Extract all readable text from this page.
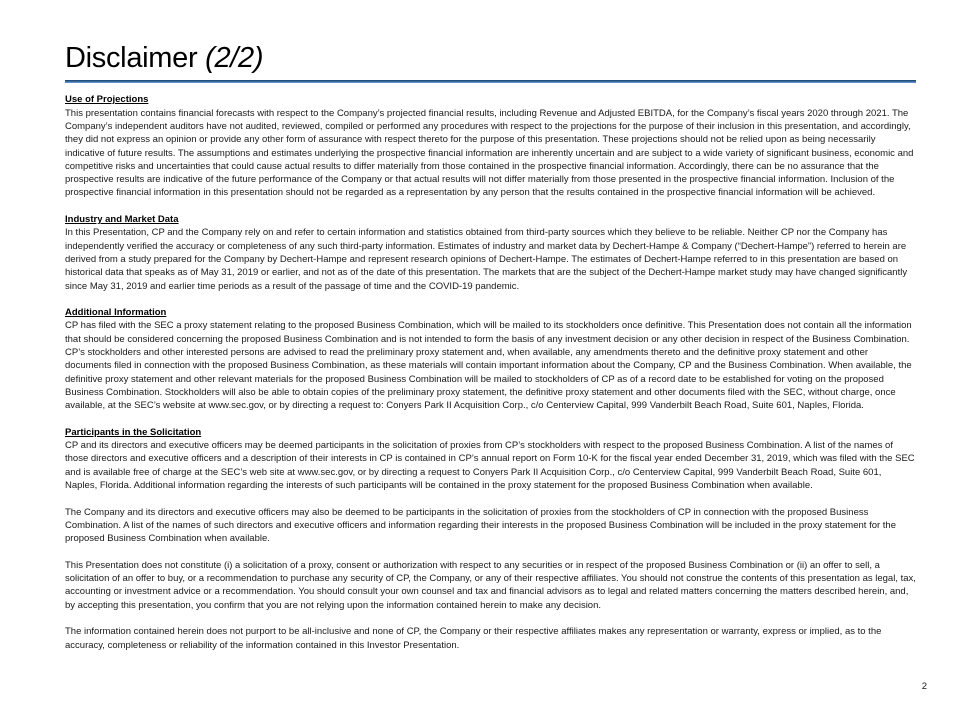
Disclaimer (2/2)
Use of Projections

This presentation contains financial forecasts with respect to the Company’s projected financial results, including Revenue and Adjusted EBITDA, for the Company’s fiscal years 2020 through 2021. The Company’s independent auditors have not audited, reviewed, compiled or performed any procedures with respect to the projections for the purpose of their inclusion in this presentation, and accordingly, they did not express an opinion or provide any other form of assurance with respect thereto for the purpose of this presentation. These projections should not be relied upon as being necessarily indicative of future results. The assumptions and estimates underlying the prospective financial information are inherently uncertain and are subject to a wide variety of significant business, economic and competitive risks and uncertainties that could cause actual results to differ materially from those contained in the prospective financial information. Accordingly, there can be no assurance that the prospective results are indicative of the future performance of the Company or that actual results will not differ materially from those presented in the prospective financial information. Inclusion of the prospective financial information in this presentation should not be regarded as a representation by any person that the results contained in the prospective financial information will be achieved.

Industry and Market Data

In this Presentation, CP and the Company rely on and refer to certain information and statistics obtained from third-party sources which they believe to be reliable. Neither CP nor the Company has independently verified the accuracy or completeness of any such third-party information. Estimates of industry and market data by Dechert-Hampe & Company (“Dechert-Hampe”) referred to herein are derived from a study prepared for the Company by Dechert-Hampe and represent research opinions of Dechert-Hampe. The estimates of Dechert-Hampe referred to in this presentation are based on historical data that speaks as of May 31, 2019 or earlier, and not as of the date of this presentation. The markets that are the subject of the Dechert-Hampe market study may have changed significantly since May 31, 2019 and earlier time periods as a result of the passage of time and the COVID-19 pandemic.

Additional Information

CP has filed with the SEC a proxy statement relating to the proposed Business Combination, which will be mailed to its stockholders once definitive. This Presentation does not contain all the information that should be considered concerning the proposed Business Combination and is not intended to form the basis of any investment decision or any other decision in respect of the Business Combination. CP’s stockholders and other interested persons are advised to read the preliminary proxy statement and, when available, any amendments thereto and the definitive proxy statement and other documents filed in connection with the proposed Business Combination, as these materials will contain important information about the Company, CP and the Business Combination. When available, the definitive proxy statement and other relevant materials for the proposed Business Combination will be mailed to stockholders of CP as of a record date to be established for voting on the proposed Business Combination. Stockholders will also be able to obtain copies of the preliminary proxy statement, the definitive proxy statement and other documents filed with the SEC, without charge, once available, at the SEC’s website at www.sec.gov, or by directing a request to: Conyers Park II Acquisition Corp., c/o Centerview Capital, 999 Vanderbilt Beach Road, Suite 601, Naples, Florida.

Participants in the Solicitation

CP and its directors and executive officers may be deemed participants in the solicitation of proxies from CP’s stockholders with respect to the proposed Business Combination. A list of the names of those directors and executive officers and a description of their interests in CP is contained in CP’s annual report on Form 10-K for the fiscal year ended December 31, 2019, which was filed with the SEC and is available free of charge at the SEC’s web site at www.sec.gov, or by directing a request to Conyers Park II Acquisition Corp., c/o Centerview Capital, 999 Vanderbilt Beach Road, Suite 601, Naples, Florida. Additional information regarding the interests of such participants will be contained in the proxy statement for the proposed Business Combination when available.

The Company and its directors and executive officers may also be deemed to be participants in the solicitation of proxies from the stockholders of CP in connection with the proposed Business Combination. A list of the names of such directors and executive officers and information regarding their interests in the proposed Business Combination will be included in the proxy statement for the proposed Business Combination when available.

This Presentation does not constitute (i) a solicitation of a proxy, consent or authorization with respect to any securities or in respect of the proposed Business Combination or (ii) an offer to sell, a solicitation of an offer to buy, or a recommendation to purchase any security of CP, the Company, or any of their respective affiliates. You should not construe the contents of this presentation as legal, tax, accounting or investment advice or a recommendation. You should consult your own counsel and tax and financial advisors as to legal and related matters concerning the matters described herein, and, by accepting this presentation, you confirm that you are not relying upon the information contained herein to make any decision.

The information contained herein does not purport to be all-inclusive and none of CP, the Company or their respective affiliates makes any representation or warranty, express or implied, as to the accuracy, completeness or reliability of the information contained in this Investor Presentation.

2
